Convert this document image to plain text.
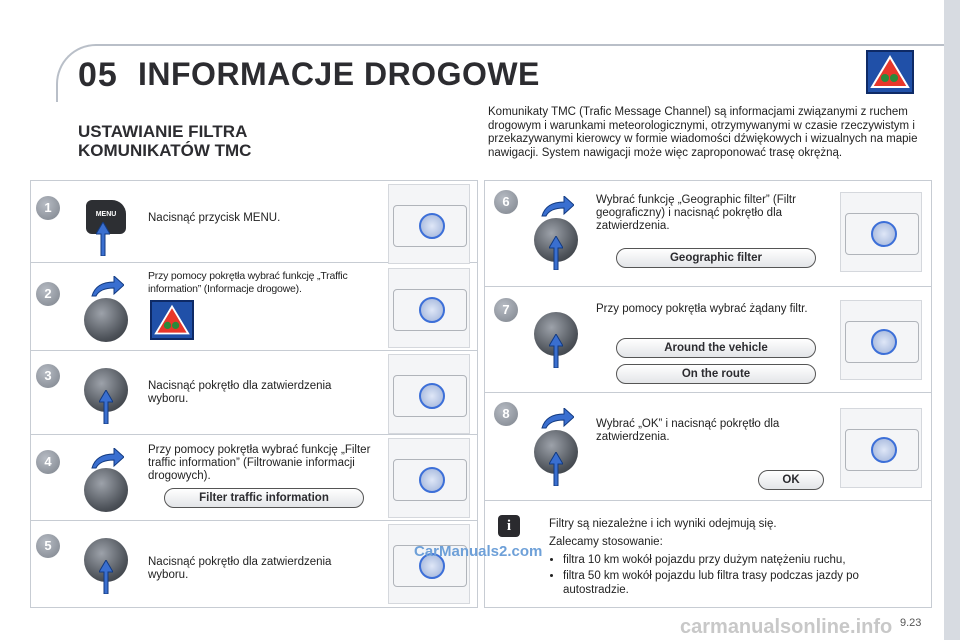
05 INFORMACJE DROGOWE
USTAWIANIE FILTRA
KOMUNIKATÓW TMC
Komunikaty TMC (Trafic Message Channel) są informacjami związanymi z ruchem drogowym i warunkami meteorologicznymi, otrzymywanymi w czasie rzeczywistym i przekazywanymi kierowcy w formie wiadomości dźwiękowych i wizualnych na mapie nawigacji. System nawigacji może więc zaproponować trasę okrężną.
1
2
3
4
5
6
7
8
MENU	Nacisnąć przycisk MENU.
Przy pomocy pokrętła wybrać funkcję „Traffic information” (Informacje drogowe).
Nacisnąć pokrętło dla zatwierdzenia wyboru.
Przy pomocy pokrętła wybrać funkcję „Filter traffic information” (Filtrowanie informacji drogowych).
Filter traffic information
Nacisnąć pokrętło dla zatwierdzenia wyboru.
Wybrać funkcję „Geographic filter” (Filtr geograficzny) i nacisnąć pokrętło dla zatwierdzenia.
Geographic filter
Przy pomocy pokrętła wybrać żądany filtr.
Around the vehicle
On the route
Wybrać „OK” i nacisnąć pokrętło dla zatwierdzenia.
OK
i	Filtry są niezależne i ich wyniki odejmują się.
Zalecamy stosowanie:
• filtra 10 km wokół pojazdu przy dużym natężeniu ruchu,
• filtra 50 km wokół pojazdu lub filtra trasy podczas jazdy po autostradzie.
CarManuals2.com
carmanualsonline.info 9.23
